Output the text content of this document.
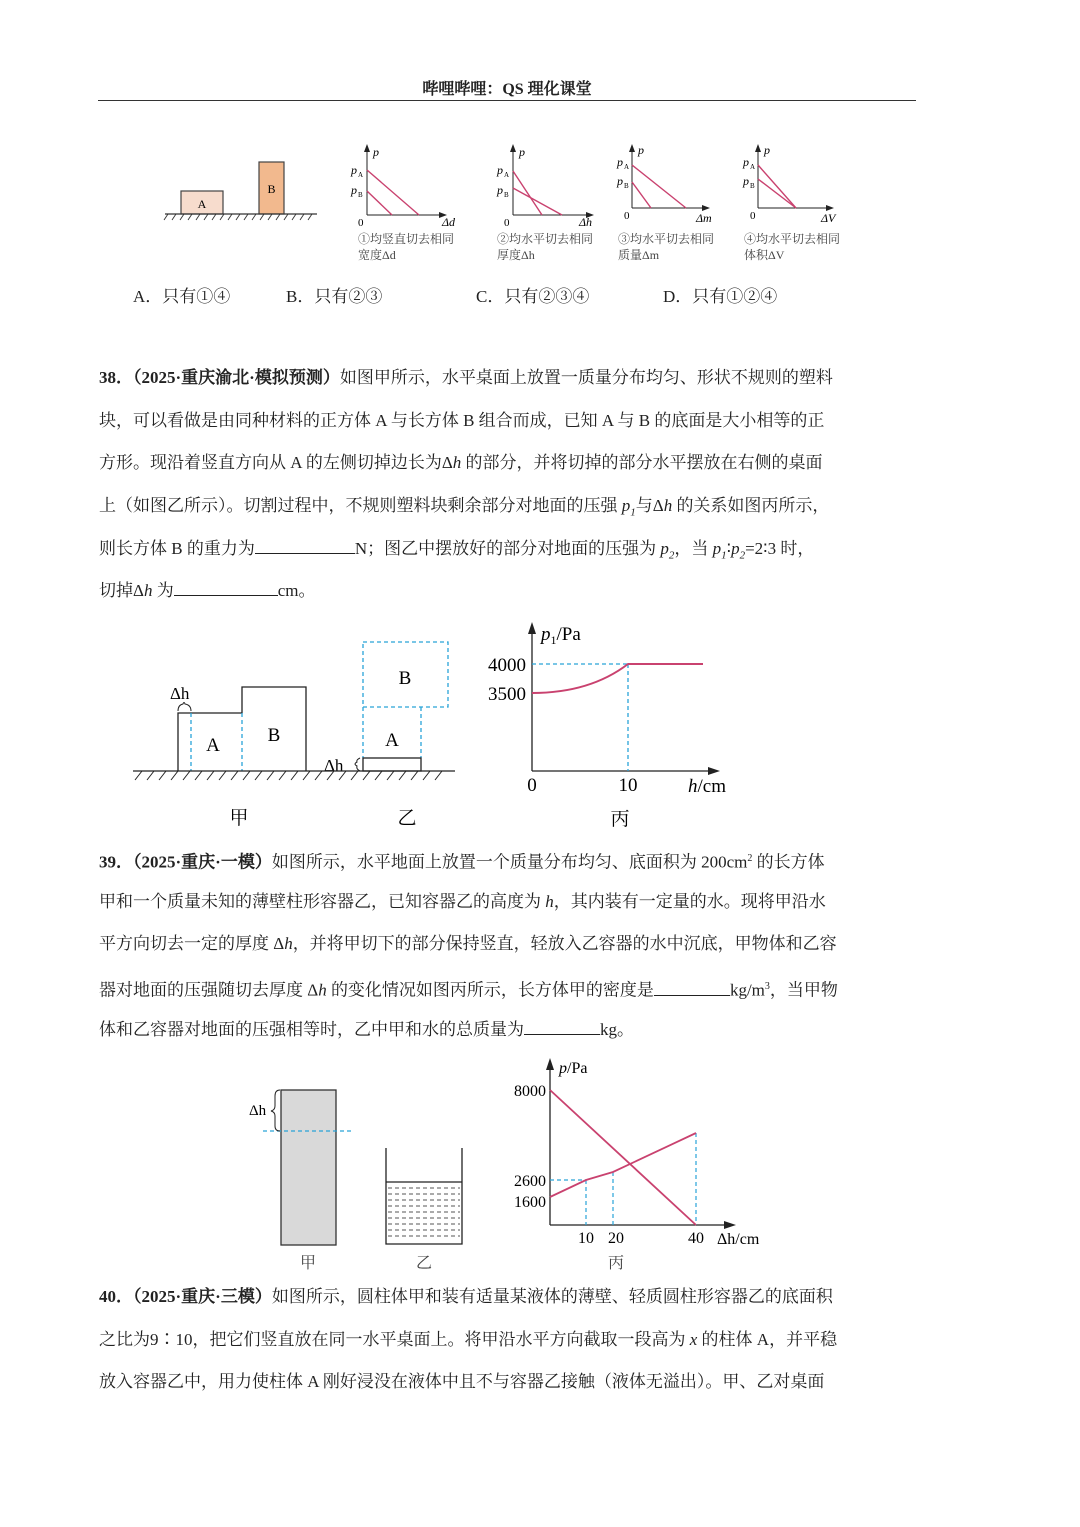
哔哩哔哩：QS 理化课堂
A
B
p
p A
p B
0	Δd
①均竖直切去相同
宽度Δd
p
p A
p B
0	Δh
②均水平切去相同
厚度Δh
p
p A
p B
0	Δm
③均水平切去相同
质量Δm
p
p A
p B
0	ΔV
④均水平切去相同
体积ΔV
A．只有①④	B．只有②③	C．只有②③④	D．只有①②④
38．（2025·重庆渝北·模拟预测）如图甲所示，水平桌面上放置一质量分布均匀、形状不规则的塑料
块，可以看做是由同种材料的正方体 A 与长方体 B 组合而成，已知 A 与 B 的底面是大小相等的正
方形。现沿着竖直方向从 A 的左侧切掉边长为Δh 的部分，并将切掉的部分水平摆放在右侧的桌面
上（如图乙所示）。切割过程中，不规则塑料块剩余部分对地面的压强 $p_1$与Δh 的关系如图丙所示，
则长方体 B 的重力为	N；图乙中摆放好的部分对地面的压强为 $p_2$，当 $p_1∶p_2=2∶3$ 时，
切掉Δh 为	cm。
Δh
A	B
Δh
B
A
甲	乙
$p_1/Pa$
4000
3500
0	10	h/cm
丙
39．（2025·重庆·一模）如图所示，水平地面上放置一个质量分布均匀、底面积为 $200cm^2$ 的长方体
甲和一个质量未知的薄壁柱形容器乙，已知容器乙的高度为 h，其内装有一定量的水。现将甲沿水
平方向切去一定的厚度 Δh，并将甲切下的部分保持竖直，轻放入乙容器的水中沉底，甲物体和乙容
器对地面的压强随切去厚度 Δh 的变化情况如图丙所示，长方体甲的密度是	$kg/m^3$，当甲物
体和乙容器对地面的压强相等时，乙中甲和水的总质量为	kg。
Δh
甲	乙
p/Pa
8000
2600
1600
10 20	40 Δh/cm
丙
40．（2025·重庆·三模）如图所示，圆柱体甲和装有适量某液体的薄壁、轻质圆柱形容器乙的底面积
之比为9∶10，把它们竖直放在同一水平桌面上。将甲沿水平方向截取一段高为 x 的柱体 A，并平稳
放入容器乙中，用力使柱体 A 刚好浸没在液体中且不与容器乙接触（液体无溢出）。甲、乙对桌面
